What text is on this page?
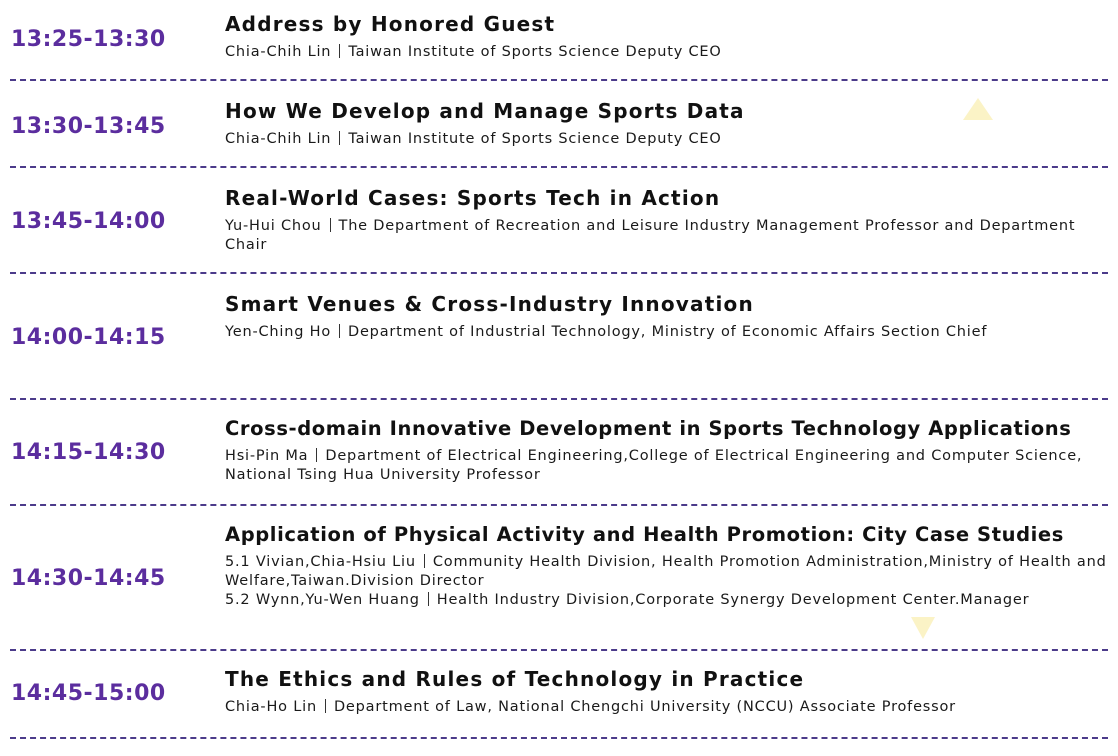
13:25-13:30
Address by Honored Guest
Chia-Chih Lin Taiwan Institute of Sports Science Deputy CEO
13:30-13:45
How We Develop and Manage Sports Data
Chia-Chih Lin Taiwan Institute of Sports Science Deputy CEO
13:45-14:00
Real-World Cases: Sports Tech in Action
Yu-Hui Chou The Department of Recreation and Leisure Industry Management Professor and Department Chair
14:00-14:15
Smart Venues & Cross-Industry Innovation
Yen-Ching Ho Department of Industrial Technology, Ministry of Economic Affairs Section Chief
14:15-14:30
Cross-domain Innovative Development in Sports Technology Applications
Hsi-Pin Ma Department of Electrical Engineering,College of Electrical Engineering and Computer Science, National Tsing Hua University Professor
14:30-14:45
Application of Physical Activity and Health Promotion: City Case Studies
5.1 Vivian,Chia-Hsiu Liu Community Health Division, Health Promotion Administration,Ministry of Health and Welfare,Taiwan.Division Director
5.2 Wynn,Yu-Wen Huang Health Industry Division,Corporate Synergy Development Center.Manager
14:45-15:00
The Ethics and Rules of Technology in Practice
Chia-Ho Lin Department of Law, National Chengchi University (NCCU) Associate Professor
